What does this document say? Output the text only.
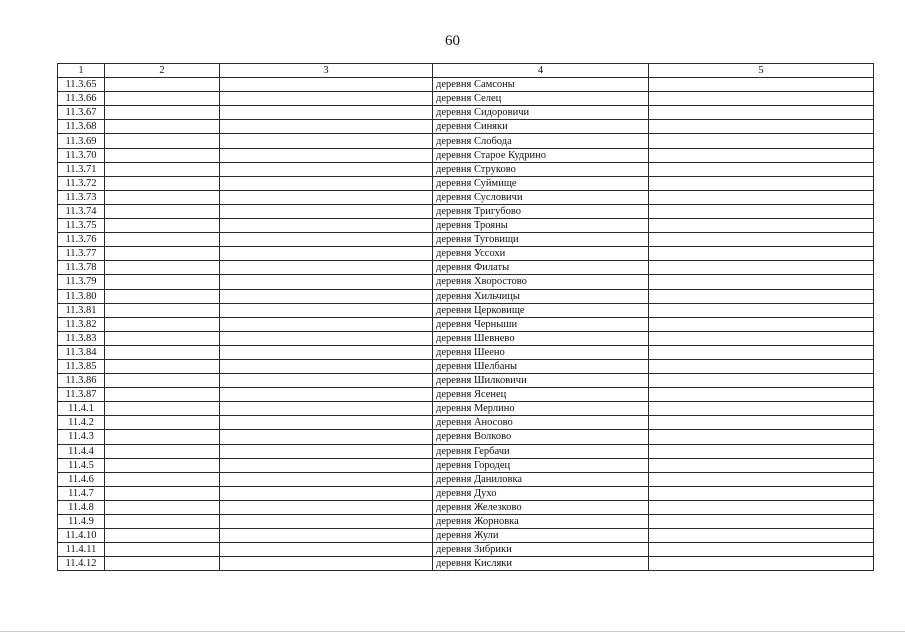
60
1	2	3	4	5
11.3.65			деревня Самсоны	
11.3.66			деревня Селец	
11.3.67			деревня Сидоровичи	
11.3.68			деревня Синяки	
11.3.69			деревня Слобода	
11.3.70			деревня Старое Кудрино	
11.3.71			деревня Струково	
11.3.72			деревня Суймище	
11.3.73			деревня Сусловичи	
11.3.74			деревня Тригубово	
11.3.75			деревня Трояны	
11.3.76			деревня Туговищи	
11.3.77			деревня Уссохи	
11.3.78			деревня Филаты	
11.3.79			деревня Хворостово	
11.3.80			деревня Хильчицы	
11.3.81			деревня Церковище	
11.3.82			деревня Черныши	
11.3.83			деревня Шевнево	
11.3.84			деревня Шеено	
11.3.85			деревня Шелбаны	
11.3.86			деревня Шилковичи	
11.3.87			деревня Ясенец	
11.4.1			деревня Мерлино	
11.4.2			деревня Аносово	
11.4.3			деревня Волково	
11.4.4			деревня Гербачи	
11.4.5			деревня Городец	
11.4.6			деревня Даниловка	
11.4.7			деревня Духо	
11.4.8			деревня Железково	
11.4.9			деревня Жорновка	
11.4.10			деревня Жули	
11.4.11			деревня Зибрики	
11.4.12			деревня Кисляки	
